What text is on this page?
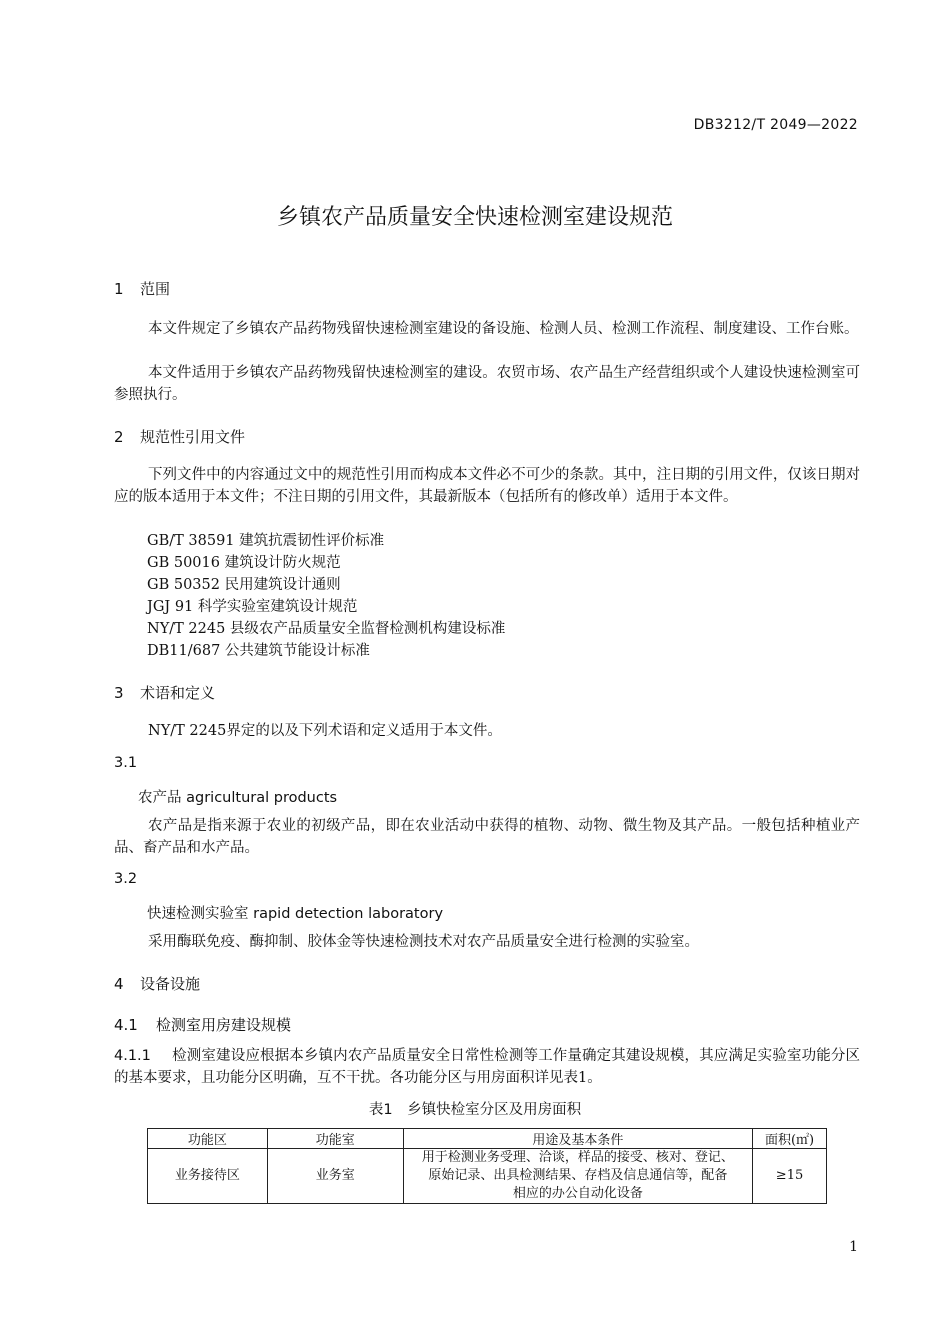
DB3212/T 2049—2022
乡镇农产品质量安全快速检测室建设规范
1 范围
本文件规定了乡镇农产品药物残留快速检测室建设的备设施、检测人员、检测工作流程、制度建设、工作台账。
本文件适用于乡镇农产品药物残留快速检测室的建设。农贸市场、农产品生产经营组织或个人建设快速检测室可参照执行。
2 规范性引用文件
下列文件中的内容通过文中的规范性引用而构成本文件必不可少的条款。其中，注日期的引用文件，仅该日期对应的版本适用于本文件；不注日期的引用文件，其最新版本（包括所有的修改单）适用于本文件。
GB/T 38591 建筑抗震韧性评价标准
GB 50016 建筑设计防火规范
GB 50352 民用建筑设计通则
JGJ 91 科学实验室建筑设计规范
NY/T 2245 县级农产品质量安全监督检测机构建设标准
DB11/687 公共建筑节能设计标准
3 术语和定义
NY/T 2245界定的以及下列术语和定义适用于本文件。
3.1
农产品 agricultural products
农产品是指来源于农业的初级产品，即在农业活动中获得的植物、动物、微生物及其产品。一般包括种植业产品、畜产品和水产品。
3.2
快速检测实验室 rapid detection laboratory
采用酶联免疫、酶抑制、胶体金等快速检测技术对农产品质量安全进行检测的实验室。
4 设备设施
4.1 检测室用房建设规模
4.1.1 检测室建设应根据本乡镇内农产品质量安全日常性检测等工作量确定其建设规模，其应满足实验室功能分区的基本要求，且功能分区明确，互不干扰。各功能分区与用房面积详见表1。
表1　乡镇快检室分区及用房面积
功能区	功能室	用途及基本条件	面积(㎡)
业务接待区	业务室	用于检测业务受理、洽谈，样品的接受、核对、登记、
原始记录、出具检测结果、存档及信息通信等，配备
相应的办公自动化设备	≥15
1
